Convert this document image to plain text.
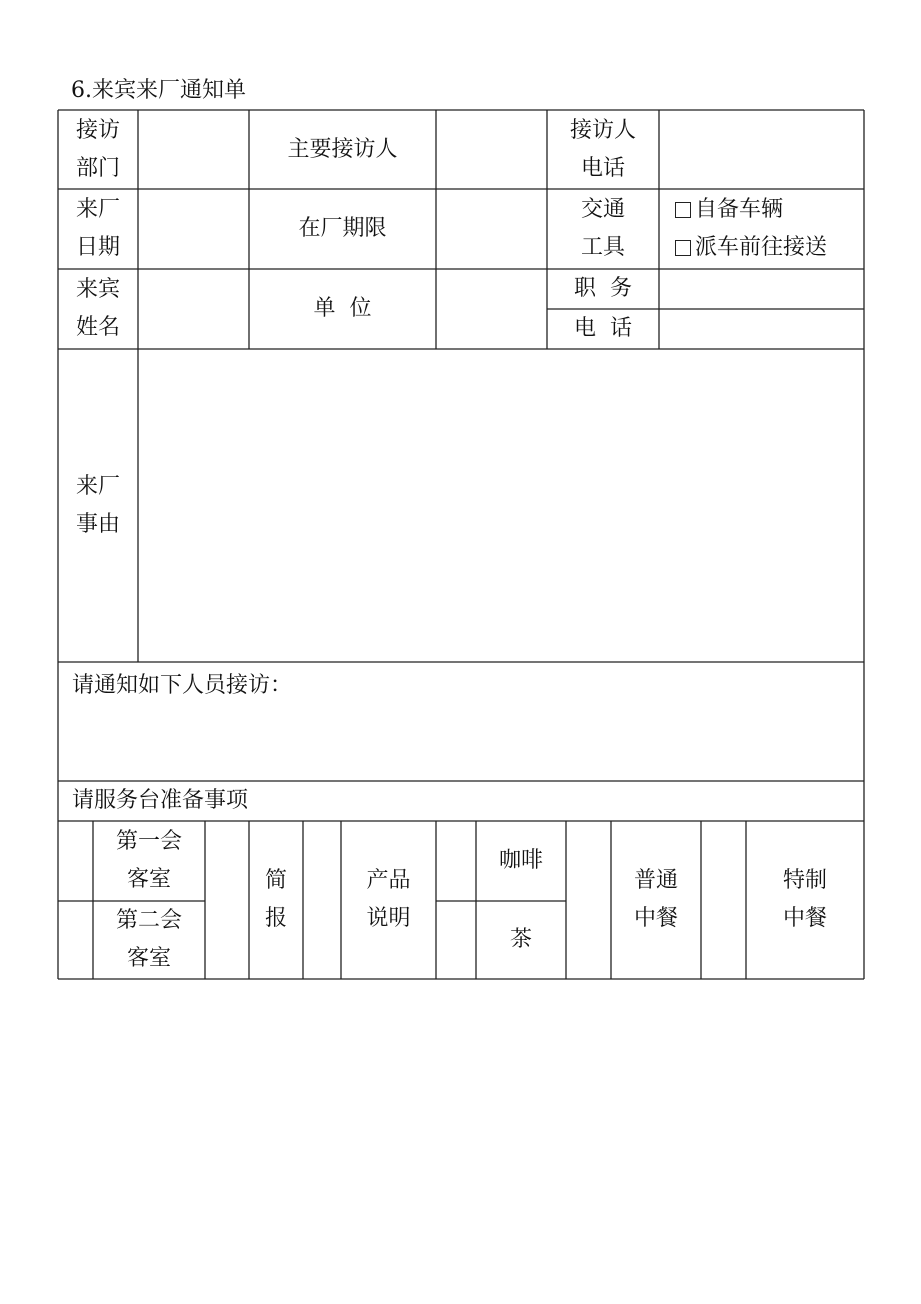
6.来宾来厂通知单
接访
部门
主要接访人
接访人
电话
来厂
日期
在厂期限
交通
工具
自备车辆
派车前往接送
来宾
姓名
单  位
职  务
电  话
来厂
事由
请通知如下人员接访：
请服务台准备事项
第一会
客室
第二会
客室
简
报
产品
说明
咖啡
茶
普通
中餐
特制
中餐
